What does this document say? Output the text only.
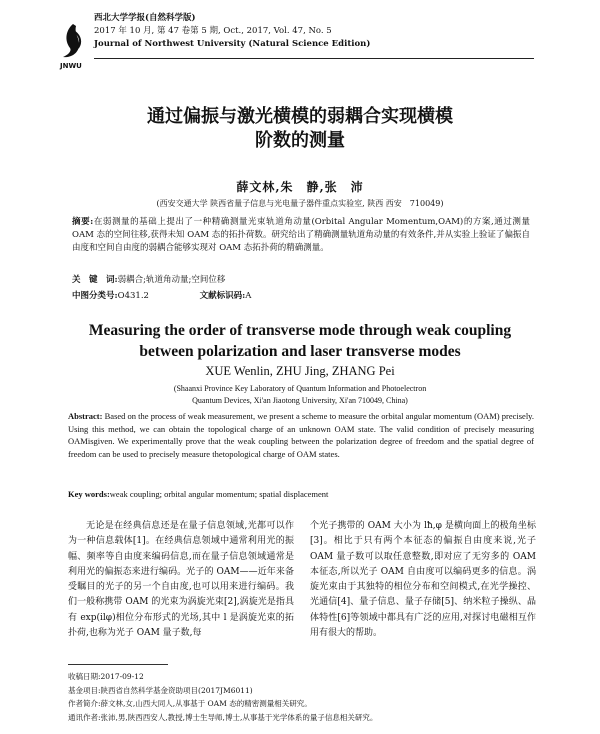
JNWU
西北大学学报(自然科学版)
2017 年 10 月, 第 47 卷第 5 期, Oct., 2017, Vol. 47, No. 5
Journal of Northwest University (Natural Science Edition)
通过偏振与激光横模的弱耦合实现横模
阶数的测量
薛文林,朱　静,张　沛
(西安交通大学 陕西省量子信息与光电量子器件重点实验室, 陕西 西安　710049)
摘要:在弱测量的基础上提出了一种精确测量光束轨道角动量(Orbital Angular Momentum,OAM)的方案,通过测量 OAM 态的空间往移,获得未知 OAM 态的拓扑荷数。研究给出了精确测量轨道角动量的有效条件,并从实验上验证了偏振自由度和空间自由度的弱耦合能够实现对 OAM 态拓扑荷的精确测量。
关　键　词:弱耦合;轨道角动量;空间位移
中图分类号:O431.2	文献标识码:A
Measuring the order of transverse mode through weak coupling
between polarization and laser transverse modes
XUE Wenlin, ZHU Jing, ZHANG Pei
(Shaanxi Province Key Laboratory of Quantum Information and Photoelectron
Quantum Devices, Xi'an Jiaotong University, Xi'an 710049, China)
Abstract: Based on the process of weak measurement, we present a scheme to measure the orbital angular momentum (OAM) precisely. Using this method, we can obtain the topological charge of an unknown OAM state. The valid condition of precisely measuring OAMisgiven. We experimentally prove that the weak coupling between the polarization degree of freedom and the spatial degree of freedom can be used to precisely measure thetopological charge of OAM states.
Key words:weak coupling; orbital angular momentum; spatial displacement
无论是在经典信息还是在量子信息领域,光都可以作为一种信息载体[1]。在经典信息领域中通常利用光的振幅、频率等自由度来编码信息,而在量子信息领域通常是利用光的偏振态来进行编码。光子的 OAM——近年来备受瞩目的光子的另一个自由度,也可以用来进行编码。我们一般称携带 OAM 的光束为涡旋光束[2],涡旋光是指具有 exp(ilφ)相位分布形式的光场,其中 l 是涡旋光束的拓扑荷,也称为光子 OAM 量子数,每
个光子携带的 OAM 大小为 lħ,φ 是横向面上的极角坐标[3]。相比于只有两个本征态的偏振自由度来说,光子 OAM 量子数可以取任意整数,即对应了无穷多的 OAM 本征态,所以光子 OAM 自由度可以编码更多的信息。涡旋光束由于其独特的相位分布和空间模式,在光学操控、光通信[4]、量子信息、量子存储[5]、纳米粒子操纵、晶体特性[6]等领域中都具有广泛的应用,对探讨电磁相互作用有很大的帮助。
收稿日期:2017-09-12
基金项目:陕西省自然科学基金资助项目(2017JM6011)
作者简介:薛文林,女,山西大同人,从事基于 OAM 态的精密测量相关研究。
通讯作者:张沛,男,陕西西安人,教授,博士生导师,博士,从事基于光学体系的量子信息相关研究。
